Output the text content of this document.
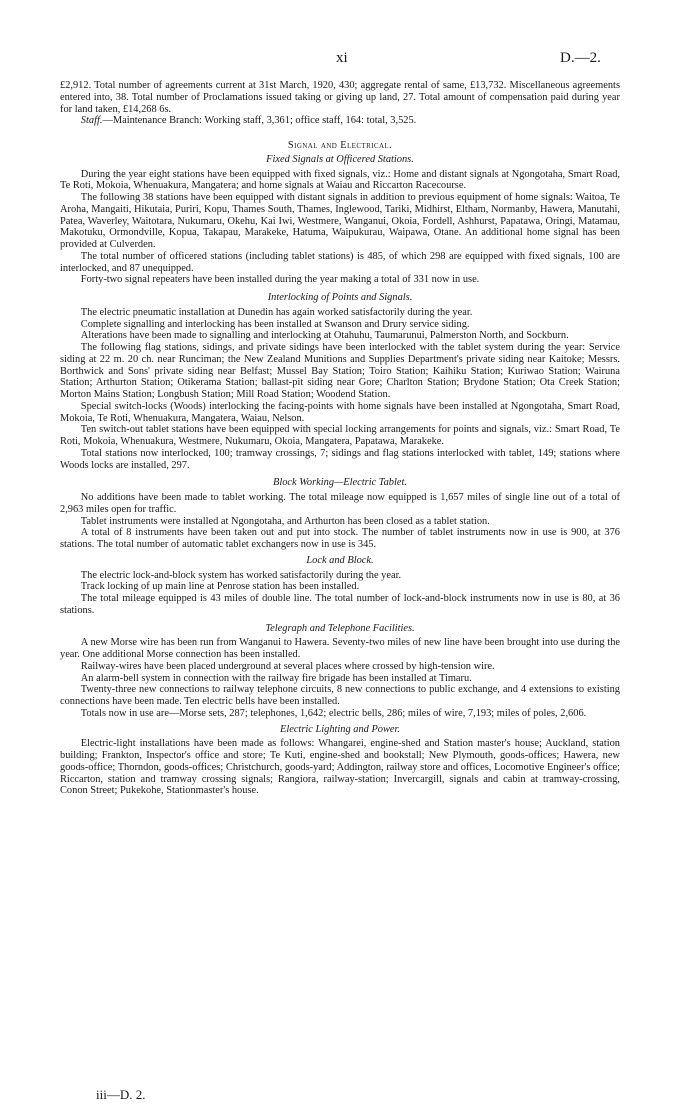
xi	D.—2.

£2,912. Total number of agreements current at 31st March, 1920, 430; aggregate rental of same, £13,732. Miscellaneous agreements entered into, 38. Total number of Proclamations issued taking or giving up land, 27. Total amount of compensation paid during year for land taken, £14,268 6s.

Staff.—Maintenance Branch: Working staff, 3,361; office staff, 164: total, 3,525.

Signal and Electrical.
Fixed Signals at Officered Stations.

During the year eight stations have been equipped with fixed signals, viz.: Home and distant signals at Ngongotaha, Smart Road, Te Roti, Mokoia, Whenuakura, Mangatera; and home signals at Waiau and Riccarton Racecourse.

The following 38 stations have been equipped with distant signals in addition to previous equipment of home signals: Waitoa, Te Aroha, Mangaiti, Hikutaia, Puriri, Kopu, Thames South, Thames, Inglewood, Tariki, Midhirst, Eltham, Normanby, Hawera, Manutahi, Patea, Waverley, Waitotara, Nukumaru, Okehu, Kai Iwi, Westmere, Wanganui, Okoia, Fordell, Ashhurst, Papatawa, Oringi, Matamau, Makotuku, Ormondville, Kopua, Takapau, Marakeke, Hatuma, Waipukurau, Waipawa, Otane. An additional home signal has been provided at Culverden.

The total number of officered stations (including tablet stations) is 485, of which 298 are equipped with fixed signals, 100 are interlocked, and 87 unequipped.

Forty-two signal repeaters have been installed during the year making a total of 331 now in use.

Interlocking of Points and Signals.

The electric pneumatic installation at Dunedin has again worked satisfactorily during the year.

Complete signalling and interlocking has been installed at Swanson and Drury service siding.

Alterations have been made to signalling and interlocking at Otahuhu, Taumarunui, Palmerston North, and Sockburn.

The following flag stations, sidings, and private sidings have been interlocked with the tablet system during the year: Service siding at 22 m. 20 ch. near Runciman; the New Zealand Munitions and Supplies Department's private siding near Kaitoke; Messrs. Borthwick and Sons' private siding near Belfast; Mussel Bay Station; Toiro Station; Kaihiku Station; Kuriwao Station; Wairuna Station; Arthurton Station; Otikerama Station; ballast-pit siding near Gore; Charlton Station; Brydone Station; Ota Creek Station; Morton Mains Station; Longbush Station; Mill Road Station; Woodend Station.

Special switch-locks (Woods) interlocking the facing-points with home signals have been installed at Ngongotaha, Smart Road, Mokoia, Te Roti, Whenuakura, Mangatera, Waiau, Nelson.

Ten switch-out tablet stations have been equipped with special locking arrangements for points and signals, viz.: Smart Road, Te Roti, Mokoia, Whenuakura, Westmere, Nukumaru, Okoia, Mangatera, Papatawa, Marakeke.

Total stations now interlocked, 100; tramway crossings, 7; sidings and flag stations interlocked with tablet, 149; stations where Woods locks are installed, 297.

Block Working—Electric Tablet.

No additions have been made to tablet working. The total mileage now equipped is 1,657 miles of single line out of a total of 2,963 miles open for traffic.

Tablet instruments were installed at Ngongotaha, and Arthurton has been closed as a tablet station.

A total of 8 instruments have been taken out and put into stock. The number of tablet instruments now in use is 900, at 376 stations. The total number of automatic tablet exchangers now in use is 345.

Lock and Block.

The electric lock-and-block system has worked satisfactorily during the year.

Track locking of up main line at Penrose station has been installed.

The total mileage equipped is 43 miles of double line. The total number of lock-and-block instruments now in use is 80, at 36 stations.

Telegraph and Telephone Facilities.

A new Morse wire has been run from Wanganui to Hawera. Seventy-two miles of new line have been brought into use during the year. One additional Morse connection has been installed.

Railway-wires have been placed underground at several places where crossed by high-tension wire.

An alarm-bell system in connection with the railway fire brigade has been installed at Timaru.

Twenty-three new connections to railway telephone circuits, 8 new connections to public exchange, and 4 extensions to existing connections have been made. Ten electric bells have been installed.

Totals now in use are—Morse sets, 287; telephones, 1,642; electric bells, 286; miles of wire, 7,193; miles of poles, 2,606.

Electric Lighting and Power.

Electric-light installations have been made as follows: Whangarei, engine-shed and Station master's house; Auckland, station building; Frankton, Inspector's office and store; Te Kuti, engine-shed and bookstall; New Plymouth, goods-offices; Hawera, new goods-office; Thorndon, goods-offices; Christchurch, goods-yard; Addington, railway store and offices, Locomotive Engineer's office; Riccarton, station and tramway crossing signals; Rangiora, railway-station; Invercargill, signals and cabin at tramway-crossing, Conon Street; Pukekohe, Stationmaster's house.

iii—D. 2.
